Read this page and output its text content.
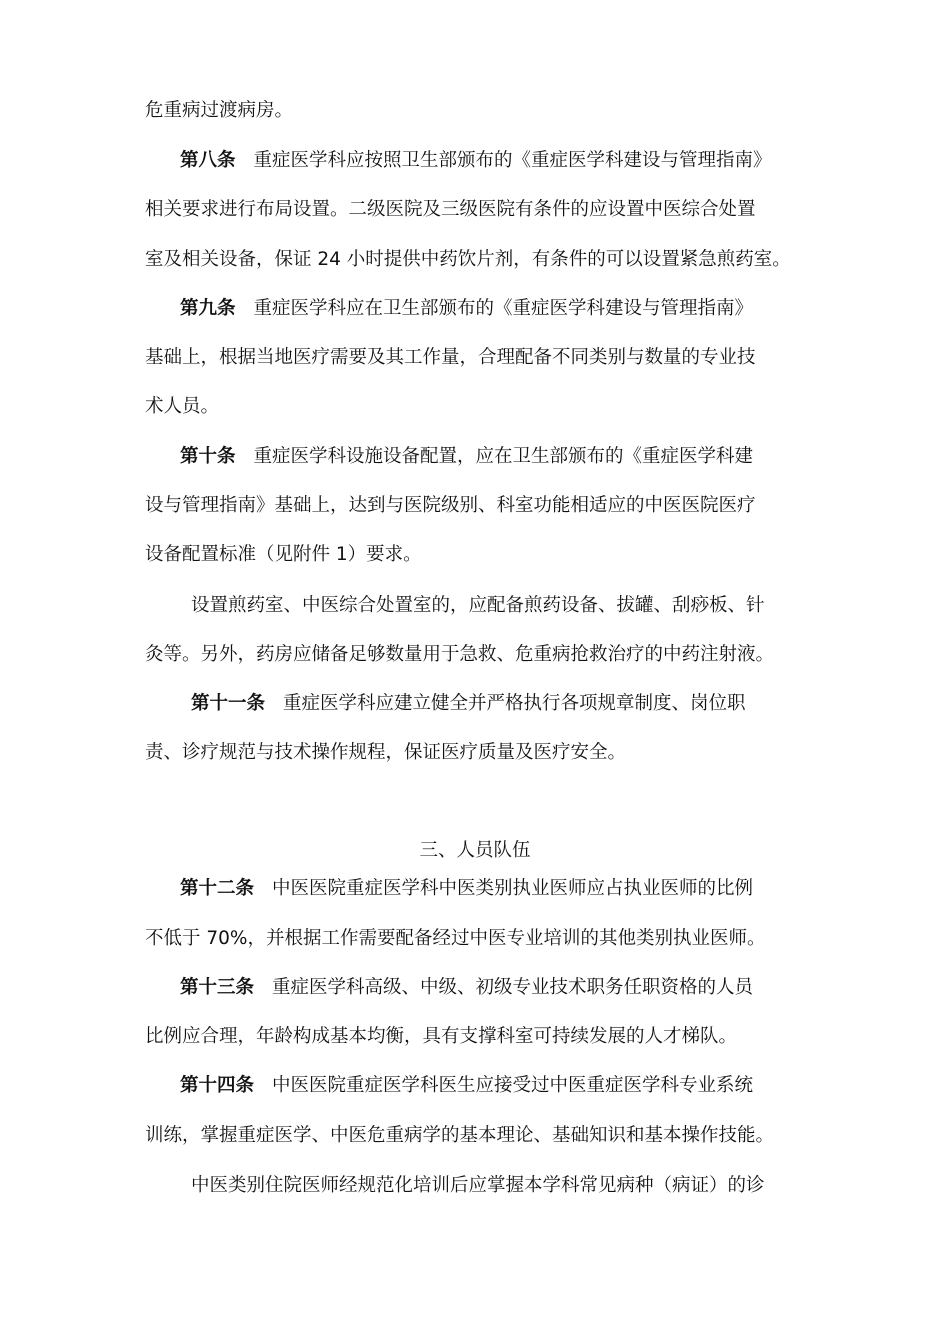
危重病过渡病房。
第八条 重症医学科应按照卫生部颁布的《重症医学科建设与管理指南》
相关要求进行布局设置。二级医院及三级医院有条件的应设置中医综合处置
室及相关设备，保证 24 小时提供中药饮片剂，有条件的可以设置紧急煎药室。
第九条 重症医学科应在卫生部颁布的《重症医学科建设与管理指南》
基础上，根据当地医疗需要及其工作量，合理配备不同类别与数量的专业技
术人员。
第十条 重症医学科设施设备配置，应在卫生部颁布的《重症医学科建
设与管理指南》基础上，达到与医院级别、科室功能相适应的中医医院医疗
设备配置标准（见附件 1）要求。
设置煎药室、中医综合处置室的，应配备煎药设备、拔罐、刮痧板、针
灸等。另外，药房应储备足够数量用于急救、危重病抢救治疗的中药注射液。
第十一条 重症医学科应建立健全并严格执行各项规章制度、岗位职
责、诊疗规范与技术操作规程，保证医疗质量及医疗安全。
三、人员队伍
第十二条 中医医院重症医学科中医类别执业医师应占执业医师的比例
不低于 70%，并根据工作需要配备经过中医专业培训的其他类别执业医师。
第十三条 重症医学科高级、中级、初级专业技术职务任职资格的人员
比例应合理，年龄构成基本均衡，具有支撑科室可持续发展的人才梯队。
第十四条 中医医院重症医学科医生应接受过中医重症医学科专业系统
训练，掌握重症医学、中医危重病学的基本理论、基础知识和基本操作技能。
中医类别住院医师经规范化培训后应掌握本学科常见病种（病证）的诊
